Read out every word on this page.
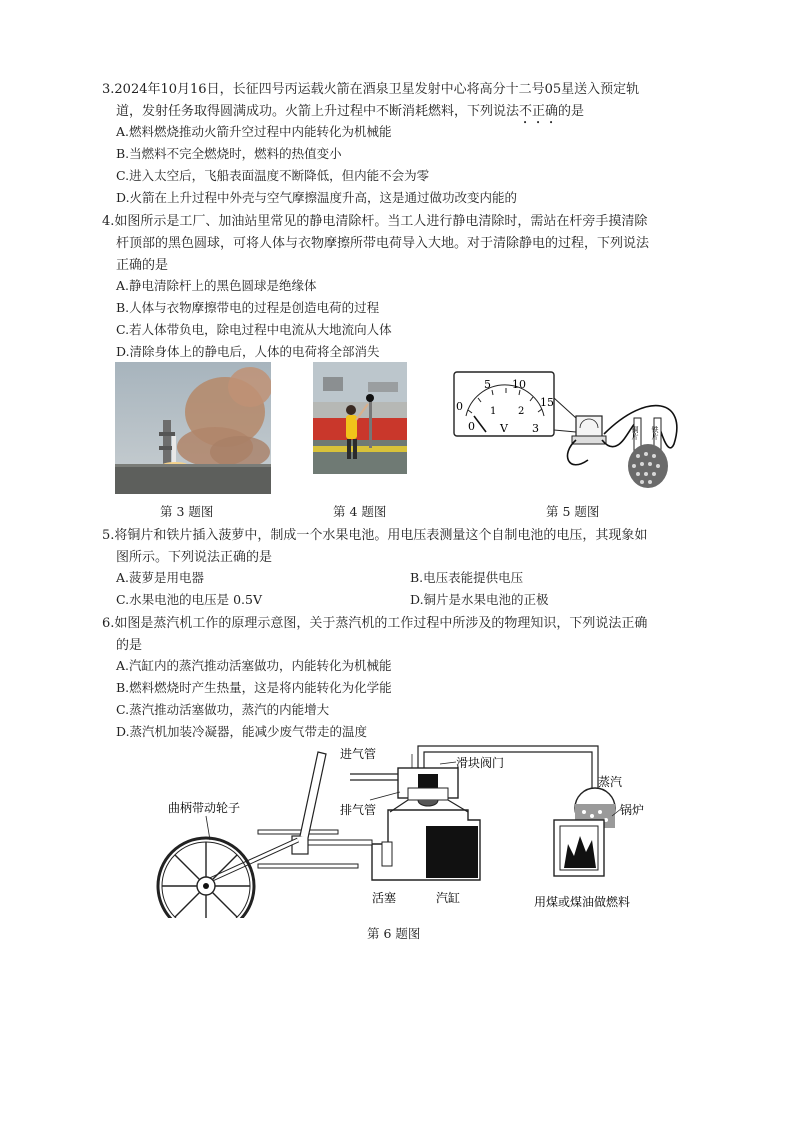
3.2024年10月16日，长征四号丙运载火箭在酒泉卫星发射中心将高分十二号05星送入预定轨
道，发射任务取得圆满成功。火箭上升过程中不断消耗燃料，下列说法不正确的是
A.燃料燃烧推动火箭升空过程中内能转化为机械能
B.当燃料不完全燃烧时，燃料的热值变小
C.进入太空后，飞船表面温度不断降低，但内能不会为零
D.火箭在上升过程中外壳与空气摩擦温度升高，这是通过做功改变内能的
4.如图所示是工厂、加油站里常见的静电清除杆。当工人进行静电清除时，需站在杆旁手摸清除
杆顶部的黑色圆球，可将人体与衣物摩擦所带电荷导入大地。对于清除静电的过程，下列说法
正确的是
A.静电清除杆上的黑色圆球是绝缘体
B.人体与衣物摩擦带电的过程是创造电荷的过程
C.若人体带负电，除电过程中电流从大地流向人体
D.清除身体上的静电后，人体的电荷将全部消失
第 3 题图	第 4 题图
0
5 10
15
0
1 2
3
V	铜片 铁片
第 5 题图
5.将铜片和铁片插入菠萝中，制成一个水果电池。用电压表测量这个自制电池的电压，其现象如
图所示。下列说法正确的是
A.菠萝是用电器	B.电压表能提供电压
C.水果电池的电压是 0.5V	D.铜片是水果电池的正极
6.如图是蒸汽机工作的原理示意图，关于蒸汽机的工作过程中所涉及的物理知识，下列说法正确
的是
A.汽缸内的蒸汽推动活塞做功，内能转化为机械能
B.燃料燃烧时产生热量，这是将内能转化为化学能
C.蒸汽推动活塞做功，蒸汽的内能增大
D.蒸汽机加装冷凝器，能减少废气带走的温度
进气管
滑块阀门
蒸汽
锅炉
曲柄带动轮子	排气管
活塞	汽缸	用煤或煤油做燃料
第 6 题图
